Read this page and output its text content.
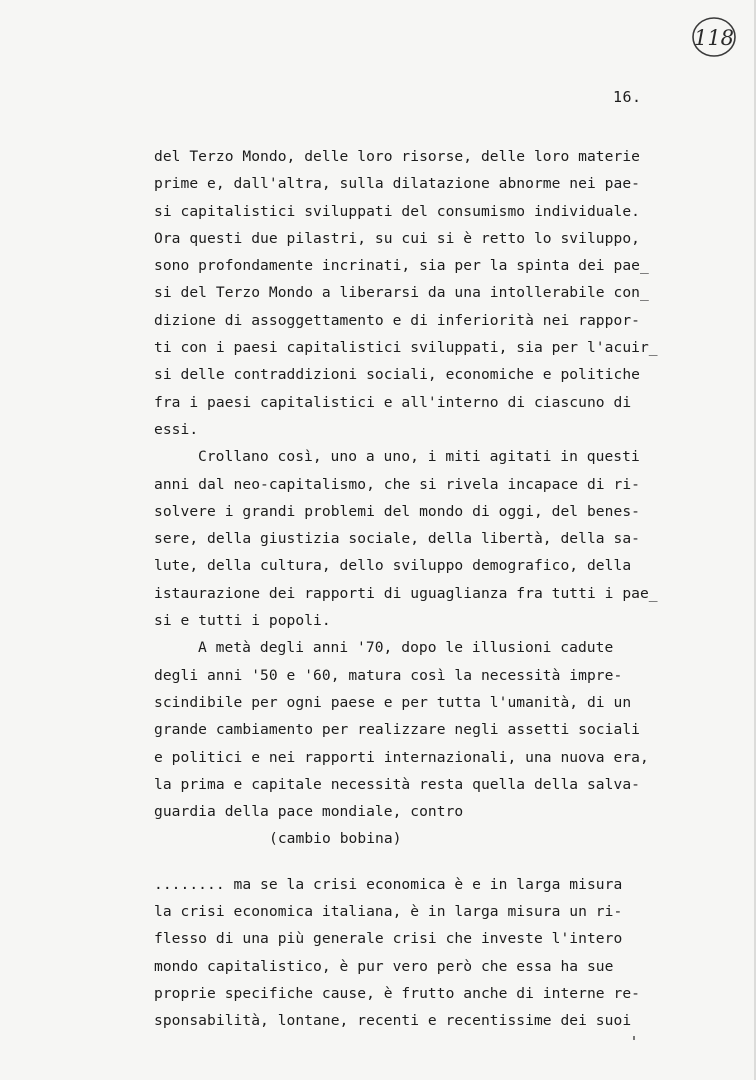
118
16.
del Terzo Mondo, delle loro risorse, delle loro materie
prime e, dall'altra, sulla dilatazione abnorme nei pae-
si capitalistici sviluppati del consumismo individuale.
Ora questi due pilastri, su cui si è retto lo sviluppo,
sono profondamente incrinati, sia per la spinta dei pae̲
si del Terzo Mondo a liberarsi da una intollerabile con̲
dizione di assoggettamento e di inferiorità nei rappor-
ti con i paesi capitalistici sviluppati, sia per l'acuir̲
si delle contraddizioni sociali, economiche e politiche
fra i paesi capitalistici e all'interno di ciascuno di
essi.
Crollano così, uno a uno, i miti agitati in questi
anni dal neo-capitalismo, che si rivela incapace di ri-
solvere i grandi problemi del mondo di oggi, del benes-
sere, della giustizia sociale, della libertà, della sa-
lute, della cultura, dello sviluppo demografico, della
istaurazione dei rapporti di uguaglianza fra tutti i pae̲
si e tutti i popoli.
A metà degli anni '70, dopo le illusioni cadute
degli anni '50 e '60, matura così la necessità impre-
scindibile per ogni paese e per tutta l'umanità, di un
grande cambiamento per realizzare negli assetti sociali
e politici e nei rapporti internazionali, una nuova era,
la prima e capitale necessità resta quella della salva-
guardia della pace mondiale, contro
(cambio bobina)
........ ma se la crisi economica è e in larga misura
la crisi economica italiana, è in larga misura un ri-
flesso di una più generale crisi che investe l'intero
mondo capitalistico, è pur vero però che essa ha sue
proprie specifiche cause, è frutto anche di interne re-
sponsabilità, lontane, recenti e recentissime dei suoi
